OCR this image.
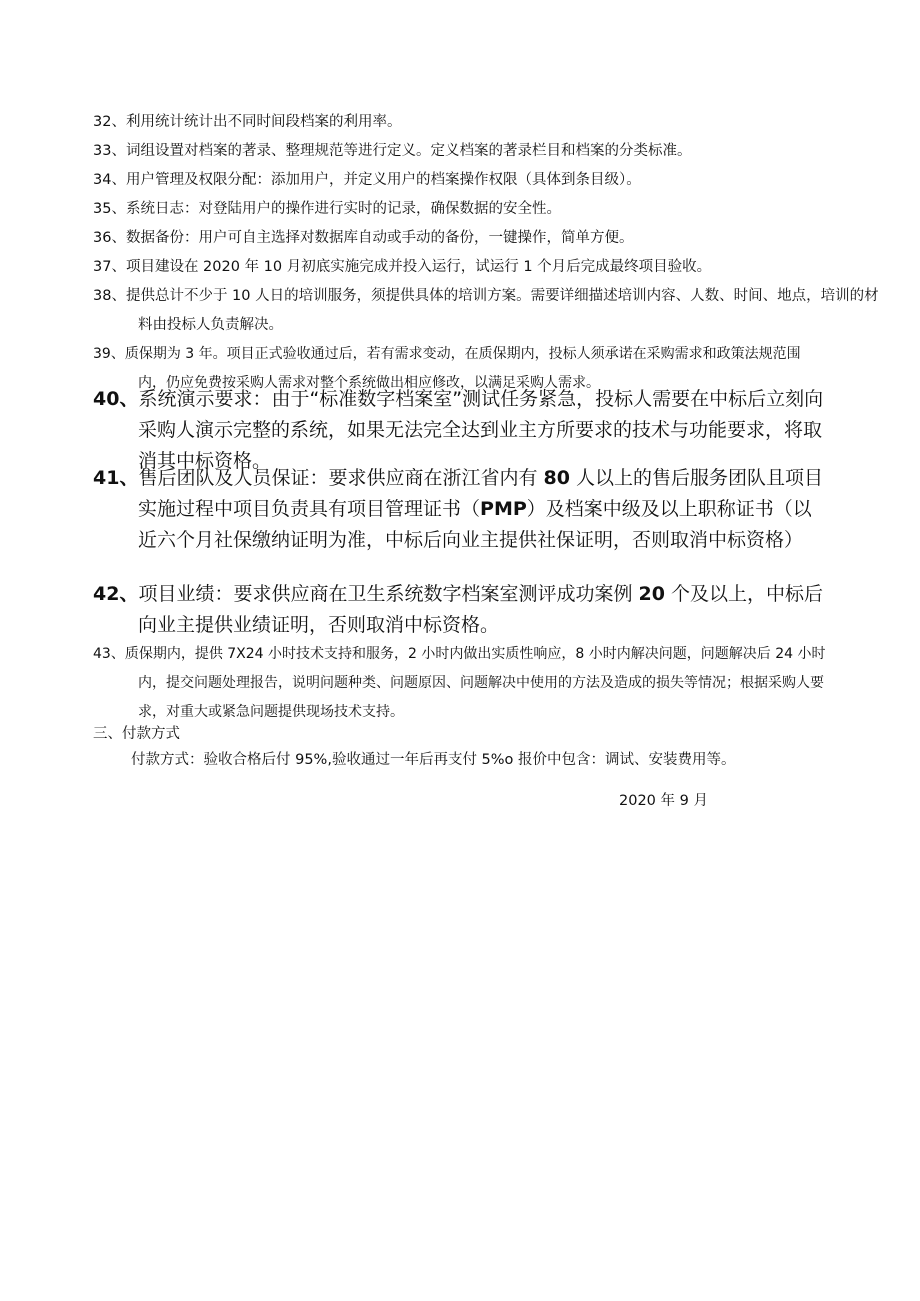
32、利用统计统计出不同时间段档案的利用率。
33、词组设置对档案的著录、整理规范等进行定义。定义档案的著录栏目和档案的分类标准。
34、用户管理及权限分配：添加用户，并定义用户的档案操作权限（具体到条目级）。
35、系统日志：对登陆用户的操作进行实时的记录，确保数据的安全性。
36、数据备份：用户可自主选择对数据库自动或手动的备份，一键操作，简单方便。
37、项目建设在 2020 年 10 月初底实施完成并投入运行，试运行 1 个月后完成最终项目验收。
38、提供总计不少于 10 人日的培训服务，须提供具体的培训方案。需要详细描述培训内容、人数、时间、地点，培训的材料由投标人负责解决。
39、质保期为 3 年。项目正式验收通过后，若有需求变动，在质保期内，投标人须承诺在采购需求和政策法规范围内，仍应免费按采购人需求对整个系统做出相应修改，以满足采购人需求。
40、系统演示要求：由于“标准数字档案室”测试任务紧急，投标人需要在中标后立刻向采购人演示完整的系统，如果无法完全达到业主方所要求的技术与功能要求，将取消其中标资格。
41、售后团队及人员保证：要求供应商在浙江省内有 80 人以上的售后服务团队且项目实施过程中项目负责具有项目管理证书（PMP）及档案中级及以上职称证书（以近六个月社保缴纳证明为准，中标后向业主提供社保证明，否则取消中标资格）
42、项目业绩：要求供应商在卫生系统数字档案室测评成功案例 20 个及以上，中标后向业主提供业绩证明，否则取消中标资格。
43、质保期内，提供 7X24 小时技术支持和服务，2 小时内做出实质性响应，8 小时内解决问题，问题解决后 24 小时内，提交问题处理报告，说明问题种类、问题原因、问题解决中使用的方法及造成的损失等情况；根据采购人要求，对重大或紧急问题提供现场技术支持。
三、付款方式
付款方式：验收合格后付 95%,验收通过一年后再支付 5%o 报价中包含：调试、安装费用等。
2020 年 9 月
